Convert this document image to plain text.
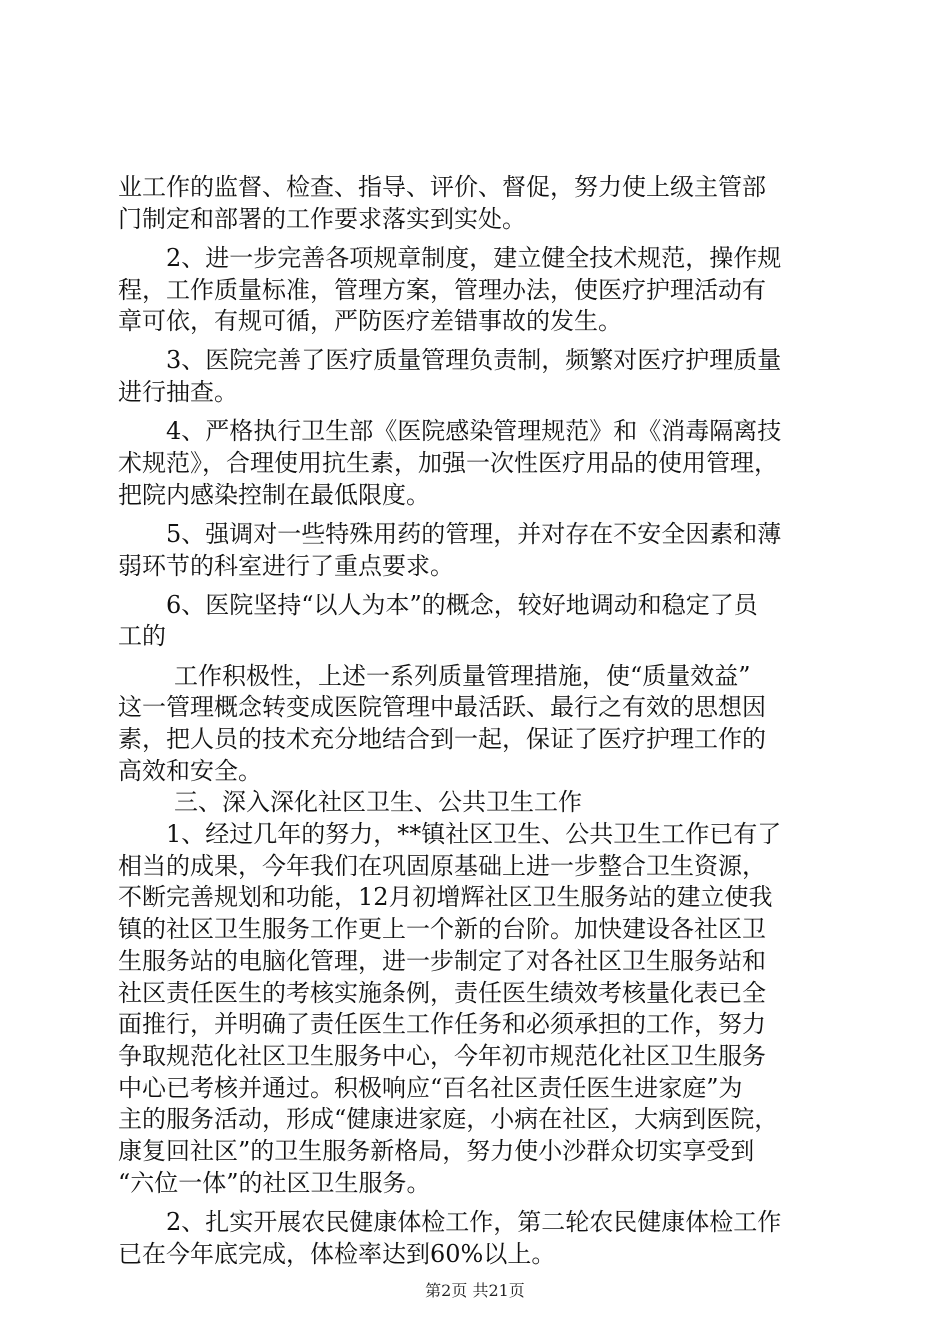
业工作的监督、检查、指导、评价、督促，努力使上级主管部
门制定和部署的工作要求落实到实处。
2、进一步完善各项规章制度，建立健全技术规范，操作规
程，工作质量标准，管理方案，管理办法，使医疗护理活动有
章可依，有规可循，严防医疗差错事故的发生。
3、医院完善了医疗质量管理负责制，频繁对医疗护理质量
进行抽查。
4、严格执行卫生部《医院感染管理规范》和《消毒隔离技
术规范》，合理使用抗生素，加强一次性医疗用品的使用管理，
把院内感染控制在最低限度。
5、强调对一些特殊用药的管理，并对存在不安全因素和薄
弱环节的科室进行了重点要求。
6、医院坚持“以人为本”的概念，较好地调动和稳定了员
工的
工作积极性，上述一系列质量管理措施，使“质量效益”
这一管理概念转变成医院管理中最活跃、最行之有效的思想因
素，把人员的技术充分地结合到一起，保证了医疗护理工作的
高效和安全。
三、深入深化社区卫生、公共卫生工作
1、经过几年的努力，**镇社区卫生、公共卫生工作已有了
相当的成果，今年我们在巩固原基础上进一步整合卫生资源，
不断完善规划和功能，12月初增辉社区卫生服务站的建立使我
镇的社区卫生服务工作更上一个新的台阶。加快建设各社区卫
生服务站的电脑化管理，进一步制定了对各社区卫生服务站和
社区责任医生的考核实施条例，责任医生绩效考核量化表已全
面推行，并明确了责任医生工作任务和必须承担的工作，努力
争取规范化社区卫生服务中心，今年初市规范化社区卫生服务
中心已考核并通过。积极响应“百名社区责任医生进家庭”为
主的服务活动，形成“健康进家庭，小病在社区，大病到医院，
康复回社区”的卫生服务新格局，努力使小沙群众切实享受到
“六位一体”的社区卫生服务。
2、扎实开展农民健康体检工作，第二轮农民健康体检工作
已在今年底完成，体检率达到60%以上。
第2页 共21页
